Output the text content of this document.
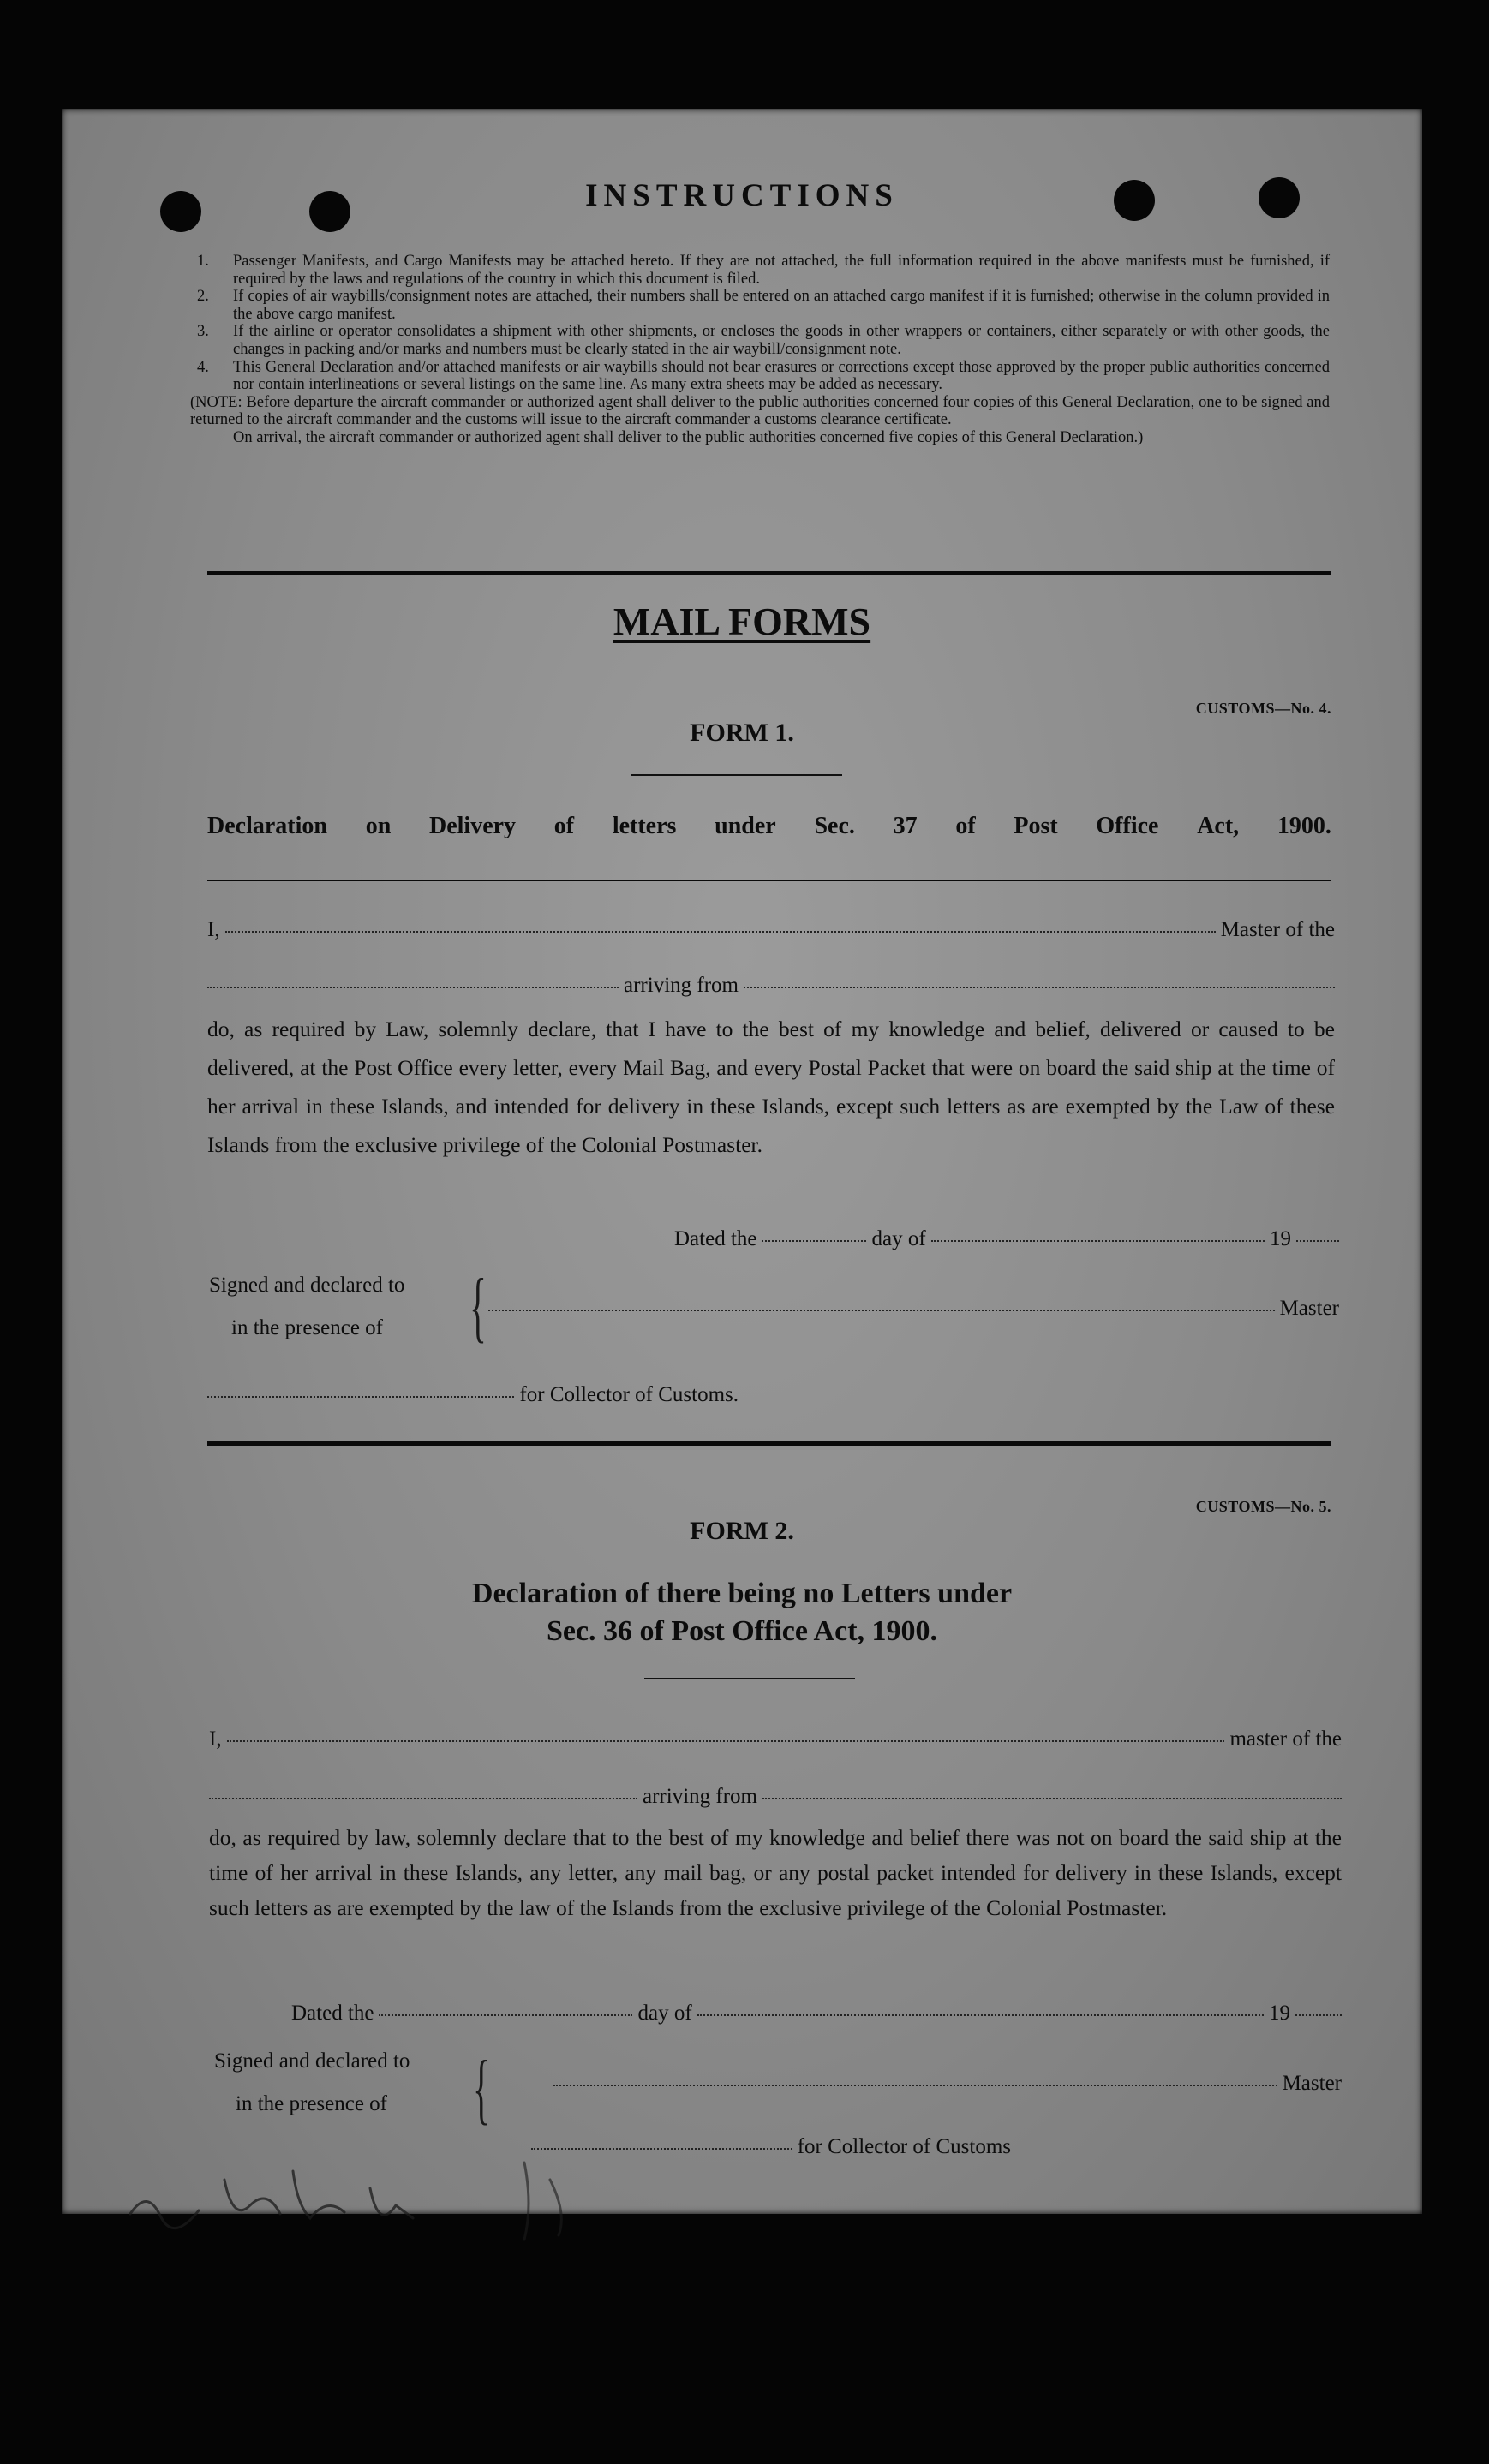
INSTRUCTIONS
1. Passenger Manifests, and Cargo Manifests may be attached hereto. If they are not attached, the full information required in the above manifests must be furnished, if required by the laws and regulations of the country in which this document is filed.
2. If copies of air waybills/consignment notes are attached, their numbers shall be entered on an attached cargo manifest if it is furnished; otherwise in the column provided in the above cargo manifest.
3. If the airline or operator consolidates a shipment with other shipments, or encloses the goods in other wrappers or containers, either separately or with other goods, the changes in packing and/or marks and numbers must be clearly stated in the air waybill/consignment note.
4. This General Declaration and/or attached manifests or air waybills should not bear erasures or corrections except those approved by the proper public authorities concerned nor contain interlineations or several listings on the same line. As many extra sheets may be added as necessary.
(NOTE: Before departure the aircraft commander or authorized agent shall deliver to the public authorities concerned four copies of this General Declaration, one to be signed and returned to the aircraft commander and the customs will issue to the aircraft commander a customs clearance certificate.
On arrival, the aircraft commander or authorized agent shall deliver to the public authorities concerned five copies of this General Declaration.)
MAIL FORMS
CUSTOMS—No. 4.
FORM 1.
Declaration on Delivery of letters under Sec. 37 of Post Office Act, 1900.
I,	Master of the
arriving from
do, as required by Law, solemnly declare, that I have to the best of my knowledge and belief, delivered or caused to be delivered, at the Post Office every letter, every Mail Bag, and every Postal Packet that were on board the said ship at the time of her arrival in these Islands, and intended for delivery in these Islands, except such letters as are exempted by the Law of these Islands from the exclusive privilege of the Colonial Postmaster.
Dated the	day of	19
Signed and declared to
in the presence of {	Master
for Collector of Customs.
CUSTOMS—No. 5.
FORM 2.
Declaration of there being no Letters under
Sec. 36 of Post Office Act, 1900.
I,	master of the
arriving from
do, as required by law, solemnly declare that to the best of my knowledge and belief there was not on board the said ship at the time of her arrival in these Islands, any letter, any mail bag, or any postal packet intended for delivery in these Islands, except such letters as are exempted by the law of the Islands from the exclusive privilege of the Colonial Postmaster.
Dated the	day of	19
Signed and declared to
in the presence of {	Master
for Collector of Customs
